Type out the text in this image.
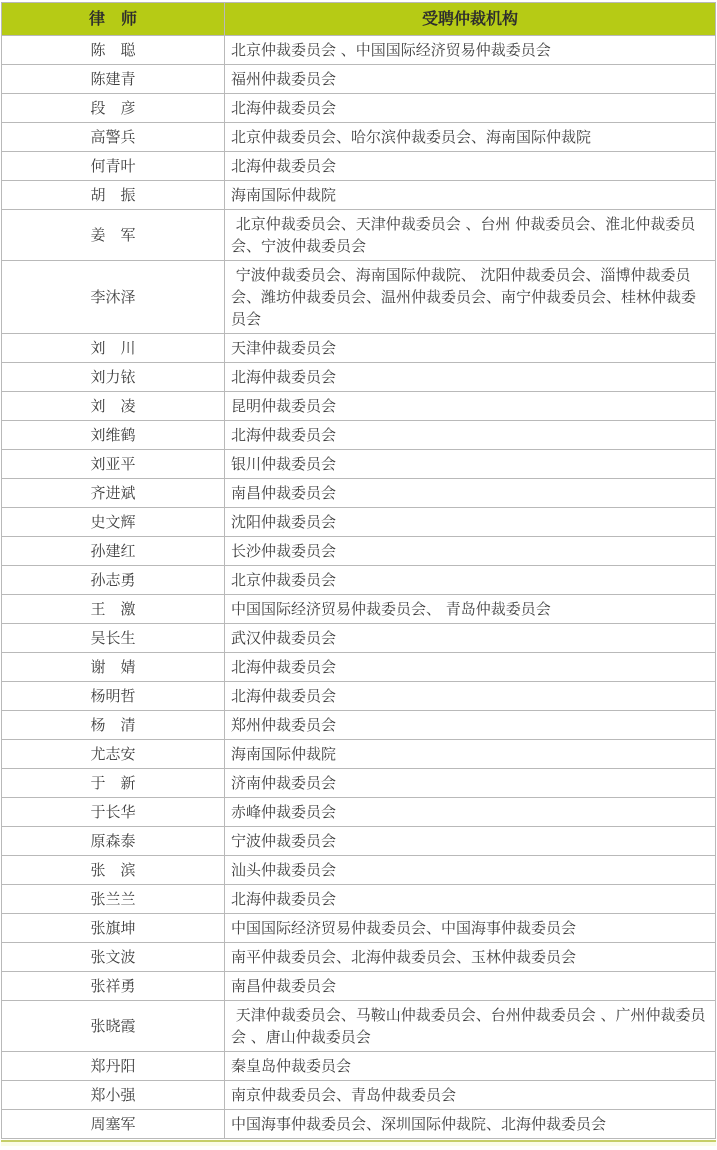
律　师	受聘仲裁机构
陈　聪	北京仲裁委员会 、中国国际经济贸易仲裁委员会
陈建青	福州仲裁委员会
段　彦	北海仲裁委员会
高警兵	北京仲裁委员会、哈尔滨仲裁委员会、海南国际仲裁院
何青叶	北海仲裁委员会
胡　振	海南国际仲裁院
姜　军	北京仲裁委员会、天津仲裁委员会 、台州 仲裁委员会、淮北仲裁委员会、宁波仲裁委员会
李沐泽	宁波仲裁委员会、海南国际仲裁院、 沈阳仲裁委员会、淄博仲裁委员会、潍坊仲裁委员会、温州仲裁委员会、南宁仲裁委员会、桂林仲裁委员会
刘　川	天津仲裁委员会
刘力铱	北海仲裁委员会
刘　凌	昆明仲裁委员会
刘维鹤	北海仲裁委员会
刘亚平	银川仲裁委员会
齐进斌	南昌仲裁委员会
史文辉	沈阳仲裁委员会
孙建红	长沙仲裁委员会
孙志勇	北京仲裁委员会
王　激	中国国际经济贸易仲裁委员会、 青岛仲裁委员会
吴长生	武汉仲裁委员会
谢　婧	北海仲裁委员会
杨明哲	北海仲裁委员会
杨　清	郑州仲裁委员会
尤志安	海南国际仲裁院
于　新	济南仲裁委员会
于长华	赤峰仲裁委员会
原森泰	宁波仲裁委员会
张　滨	汕头仲裁委员会
张兰兰	北海仲裁委员会
张旗坤	中国国际经济贸易仲裁委员会、中国海事仲裁委员会
张文波	南平仲裁委员会、北海仲裁委员会、玉林仲裁委员会
张祥勇	南昌仲裁委员会
张晓霞	天津仲裁委员会、马鞍山仲裁委员会、台州仲裁委员会 、广州仲裁委员会 、唐山仲裁委员会
郑丹阳	秦皇岛仲裁委员会
郑小强	南京仲裁委员会、青岛仲裁委员会
周塞军	中国海事仲裁委员会、深圳国际仲裁院、北海仲裁委员会
